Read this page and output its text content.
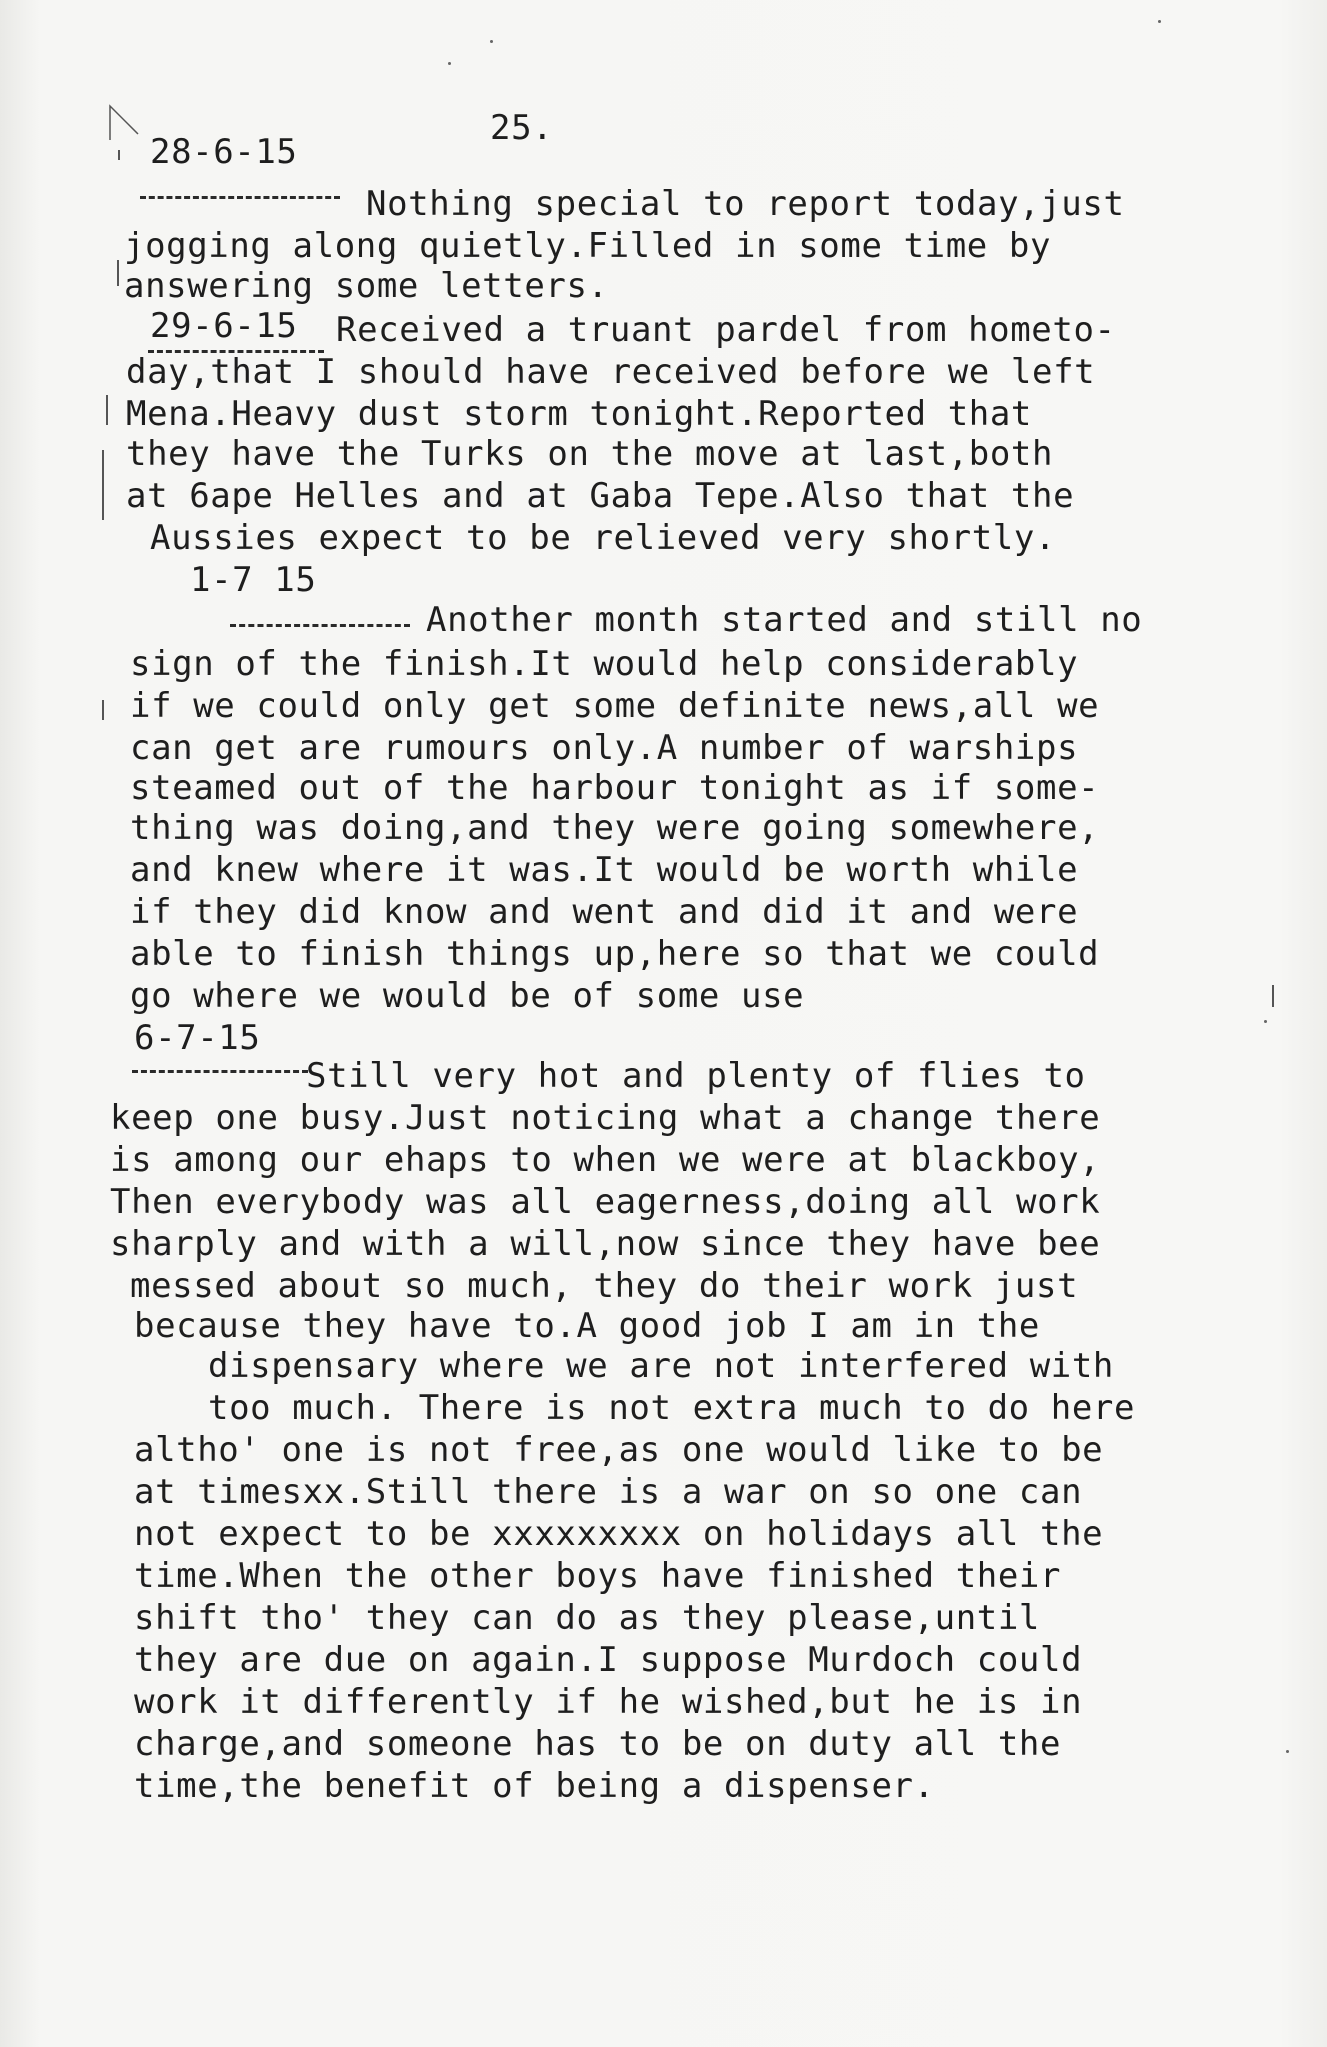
25.
28-6-15
Nothing special to report today,just
jogging along quietly.Filled in some time by
answering some letters.
29-6-15 Received a truant pardel from hometo-
day,that I should have received before we left
Mena.Heavy dust storm tonight.Reported that
they have the Turks on the move at last,both
at 6ape Helles and at Gaba Tepe.Also that the
Aussies expect to be relieved very shortly.
1-7 15
Another month started and still no
sign of the finish.It would help considerably
if we could only get some definite news,all we
can get are rumours only.A number of warships
steamed out of the harbour tonight as if some-
thing was doing,and they were going somewhere,
and knew where it was.It would be worth while
if they did know and went and did it and were
able to finish things up,here so that we could
go where we would be of some use
6-7-15
Still very hot and plenty of flies to
keep one busy.Just noticing what a change there
is among our ehaps to when we were at blackboy,
Then everybody was all eagerness,doing all work
sharply and with a will,now since they have bee
messed about so much, they do their work just
because they have to.A good job I am in the
dispensary where we are not interfered with
too much. There is not extra much to do here
altho' one is not free,as one would like to be
at timesxx.Still there is a war on so one can
not expect to be xxxxxxxxx on holidays all the
time.When the other boys have finished their
shift tho' they can do as they please,until
they are due on again.I suppose Murdoch could
work it differently if he wished,but he is in
charge,and someone has to be on duty all the
time,the benefit of being a dispenser.
